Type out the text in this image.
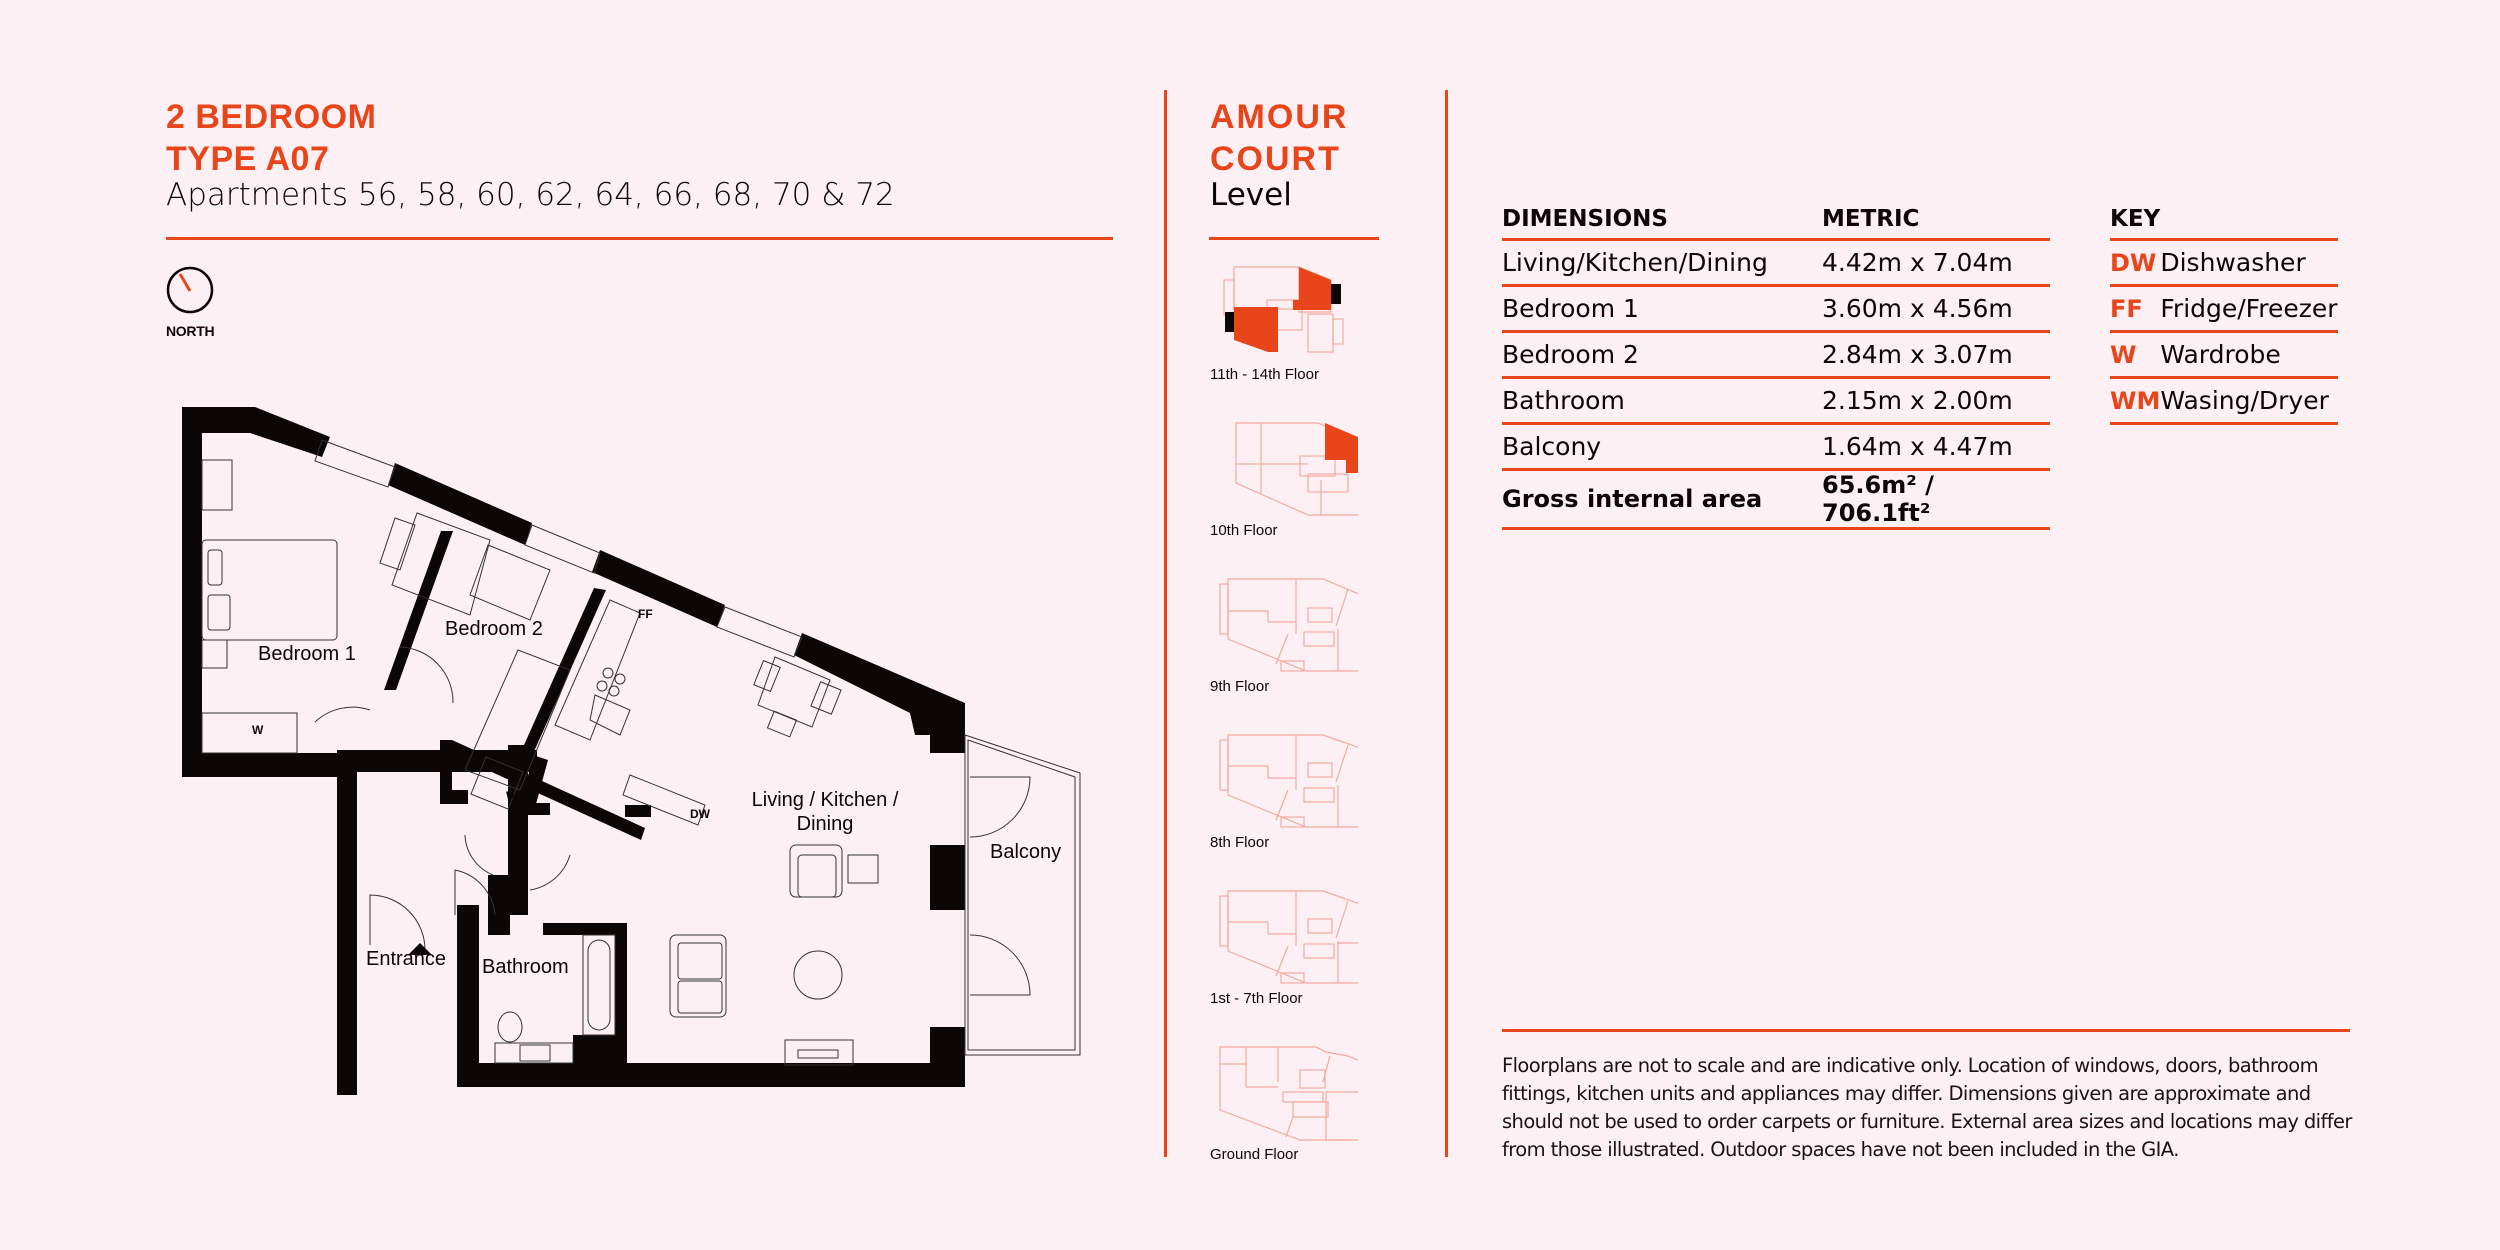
2 BEDROOM
TYPE A07
Apartments 56, 58, 60, 62, 64, 66, 68, 70 & 72
NORTH
Bedroom 1
Bedroom 2
Living / Kitchen /
Dining
Balcony
Bathroom
Entrance
FF
WM
DW
W
AMOUR
COURT
Level
11th - 14th Floor
10th Floor
9th Floor
8th Floor
1st - 7th Floor
Ground Floor
DIMENSIONS	METRIC
Living/Kitchen/Dining	4.42m x 7.04m
Bedroom 1	3.60m x 4.56m
Bedroom 2	2.84m x 3.07m
Bathroom	2.15m x 2.00m
Balcony	1.64m x 4.47m
Gross internal area	65.6m² / 706.1ft²
KEY	
DW	Dishwasher
FF	Fridge/Freezer
W	Wardrobe
WM	Wasing/Dryer
Floorplans are not to scale and are indicative only. Location of windows, doors, bathroom fittings, kitchen units and appliances may differ. Dimensions given are approximate and should not be used to order carpets or furniture. External area sizes and locations may differ from those illustrated. Outdoor spaces have not been included in the GIA.
